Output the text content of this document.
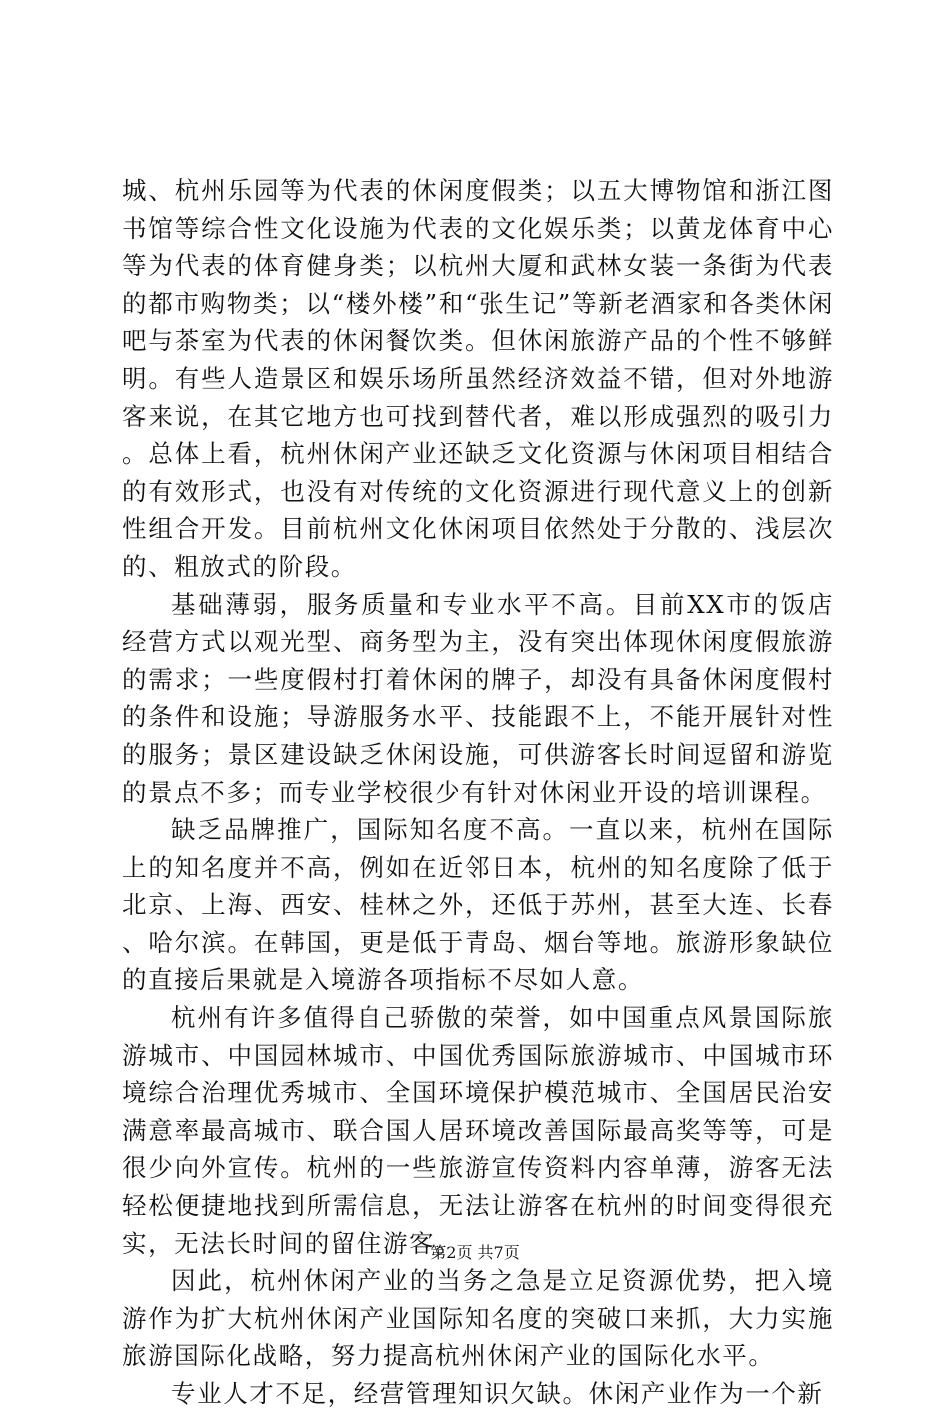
城、杭州乐园等为代表的休闲度假类；以五大博物馆和浙江图书馆等综合性文化设施为代表的文化娱乐类；以黄龙体育中心等为代表的体育健身类；以杭州大厦和武林女装一条街为代表的都市购物类；以“楼外楼”和“张生记”等新老酒家和各类休闲吧与茶室为代表的休闲餐饮类。但休闲旅游产品的个性不够鲜明。有些人造景区和娱乐场所虽然经济效益不错，但对外地游客来说，在其它地方也可找到替代者，难以形成强烈的吸引力。总体上看，杭州休闲产业还缺乏文化资源与休闲项目相结合的有效形式，也没有对传统的文化资源进行现代意义上的创新性组合开发。目前杭州文化休闲项目依然处于分散的、浅层次的、粗放式的阶段。

基础薄弱，服务质量和专业水平不高。目前XX市的饭店经营方式以观光型、商务型为主，没有突出体现休闲度假旅游的需求；一些度假村打着休闲的牌子，却没有具备休闲度假村的条件和设施；导游服务水平、技能跟不上，不能开展针对性的服务；景区建设缺乏休闲设施，可供游客长时间逗留和游览的景点不多；而专业学校很少有针对休闲业开设的培训课程。

缺乏品牌推广，国际知名度不高。一直以来，杭州在国际上的知名度并不高，例如在近邻日本，杭州的知名度除了低于北京、上海、西安、桂林之外，还低于苏州，甚至大连、长春、哈尔滨。在韩国，更是低于青岛、烟台等地。旅游形象缺位的直接后果就是入境游各项指标不尽如人意。

杭州有许多值得自己骄傲的荣誉，如中国重点风景国际旅游城市、中国园林城市、中国优秀国际旅游城市、中国城市环境综合治理优秀城市、全国环境保护模范城市、全国居民治安满意率最高城市、联合国人居环境改善国际最高奖等等，可是很少向外宣传。杭州的一些旅游宣传资料内容单薄，游客无法轻松便捷地找到所需信息，无法让游客在杭州的时间变得很充实，无法长时间的留住游客。

因此，杭州休闲产业的当务之急是立足资源优势，把入境游作为扩大杭州休闲产业国际知名度的突破口来抓，大力实施旅游国际化战略，努力提高杭州休闲产业的国际化水平。

专业人才不足，经营管理知识欠缺。休闲产业作为一个新

第2页 共7页
